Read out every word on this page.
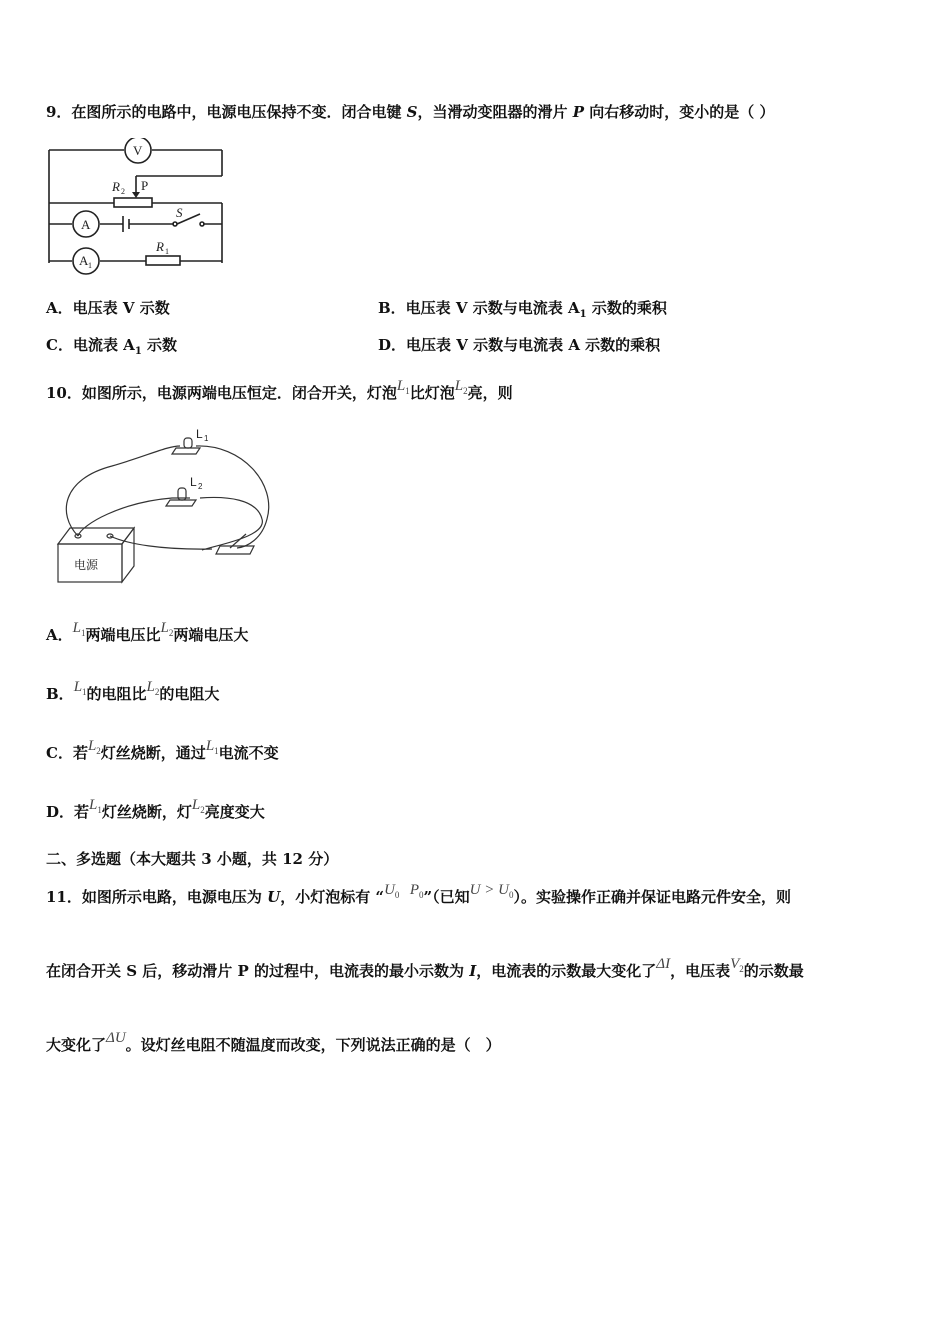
9．在图所示的电路中，电源电压保持不变．闭合电键 S，当滑动变阻器的滑片 P 向右移动时，变小的是（ ）
V
A
A 1
R 2 P
S
R 1
A．电压表 V 示数	B．电压表 V 示数与电流表 $A_1$ 示数的乘积
C．电流表 $A_1$ 示数	D．电压表 V 示数与电流表 A 示数的乘积
10．如图所示，电源两端电压恒定．闭合开关，灯泡$L_1$比灯泡$L_2$亮，则
L 1
L 2
电源
A．$L_1$两端电压比$L_2$两端电压大
B．$L_1$的电阻比$L_2$的电阻大
C．若$L_2$灯丝烧断，通过$L_1$电流不变
D．若$L_1$灯丝烧断，灯$L_2$亮度变大
二、多选题（本大题共 3 小题，共 12 分）
11．如图所示电路，电源电压为 U，小灯泡标有 “$U_0$ $P_0$”（已知$U > U_0$）。实验操作正确并保证电路元件安全，则
在闭合开关 S 后，移动滑片 P 的过程中，电流表的最小示数为 I，电流表的示数最大变化了ΔI，电压表$V_2$的示数最
大变化了ΔU。设灯丝电阻不随温度而改变，下列说法正确的是（　）
